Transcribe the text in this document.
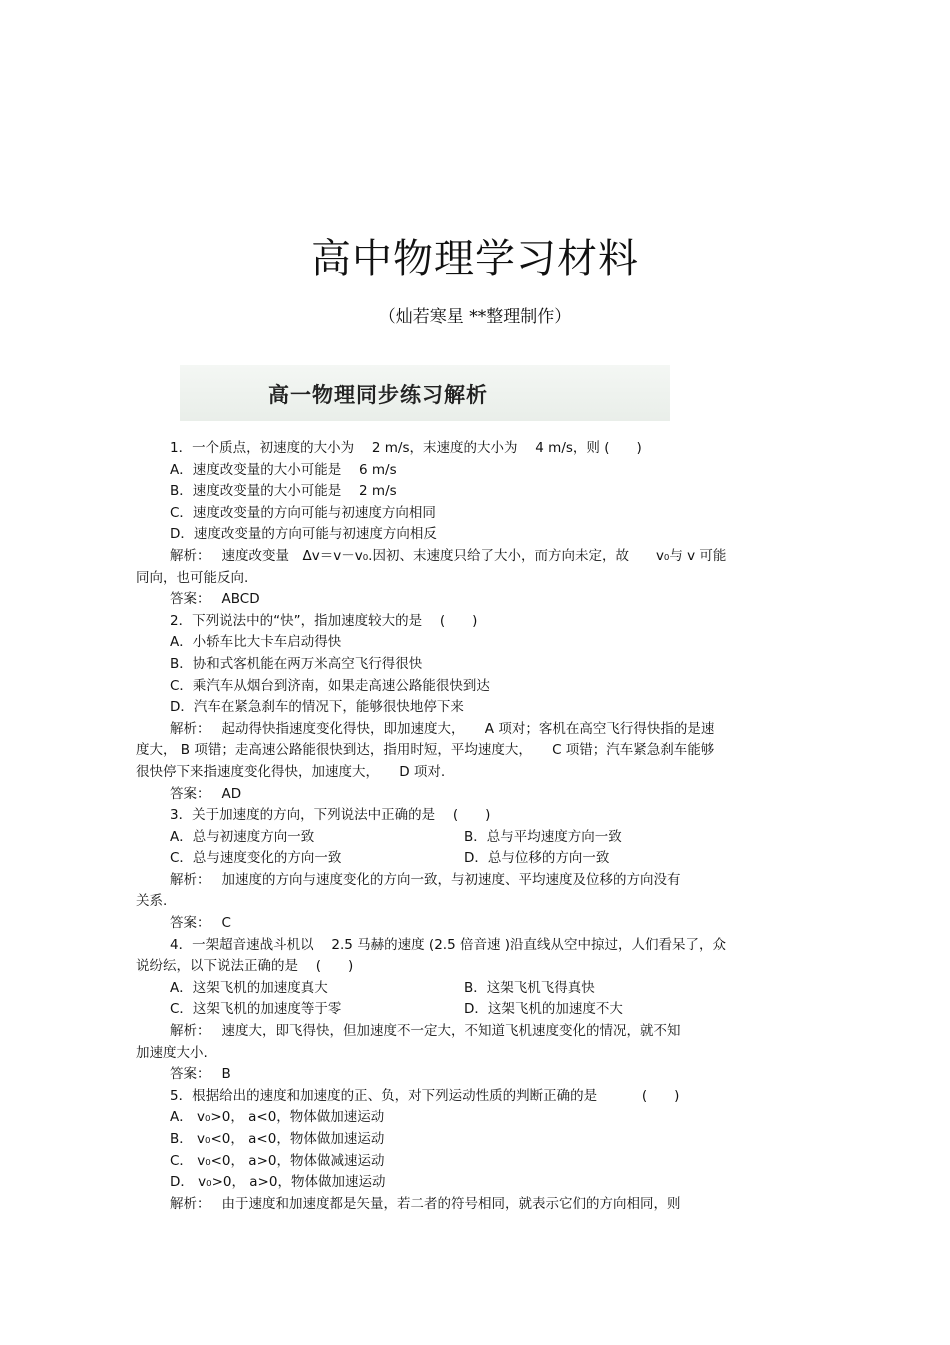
高中物理学习材料
（灿若寒星 **整理制作）
高一物理同步练习解析
1．一个质点，初速度的大小为　 2 m/s，末速度的大小为　 4 m/s，则 (　　)
A．速度改变量的大小可能是　 6 m/s
B．速度改变量的大小可能是　 2 m/s
C．速度改变量的方向可能与初速度方向相同
D．速度改变量的方向可能与初速度方向相反
解析：　 速度改变量　Δv＝v－v₀.因初、末速度只给了大小，而方向未定，故　　v₀与 v 可能
同向，也可能反向.
答案：　 ABCD
2．下列说法中的“快”，指加速度较大的是　 (　　)
A．小轿车比大卡车启动得快
B．协和式客机能在两万米高空飞行得很快
C．乘汽车从烟台到济南，如果走高速公路能很快到达
D．汽车在紧急刹车的情况下，能够很快地停下来
解析：　 起动得快指速度变化得快，即加速度大，　　A 项对；客机在高空飞行得快指的是速
度大， B 项错；走高速公路能很快到达，指用时短，平均速度大，　　C 项错；汽车紧急刹车能够
很快停下来指速度变化得快，加速度大，　　D 项对.
答案：　 AD
3．关于加速度的方向，下列说法中正确的是　 (　　)
A．总与初速度方向一致	B．总与平均速度方向一致
C．总与速度变化的方向一致	D．总与位移的方向一致
解析：　 加速度的方向与速度变化的方向一致，与初速度、平均速度及位移的方向没有
关系.
答案：　 C
4．一架超音速战斗机以　 2.5 马赫的速度 (2.5 倍音速 )沿直线从空中掠过，人们看呆了，众
说纷纭，以下说法正确的是　 (　　)
A．这架飞机的加速度真大	B．这架飞机飞得真快
C．这架飞机的加速度等于零	D．这架飞机的加速度不大
解析：　 速度大，即飞得快，但加速度不一定大，不知道飞机速度变化的情况，就不知
加速度大小.
答案：　 B
5．根据给出的速度和加速度的正、负，对下列运动性质的判断正确的是　　　 (　　)
A． v₀>0， a<0，物体做加速运动
B． v₀<0， a<0，物体做加速运动
C． v₀<0， a>0，物体做减速运动
D． v₀>0， a>0，物体做加速运动
解析：　 由于速度和加速度都是矢量，若二者的符号相同，就表示它们的方向相同，则
